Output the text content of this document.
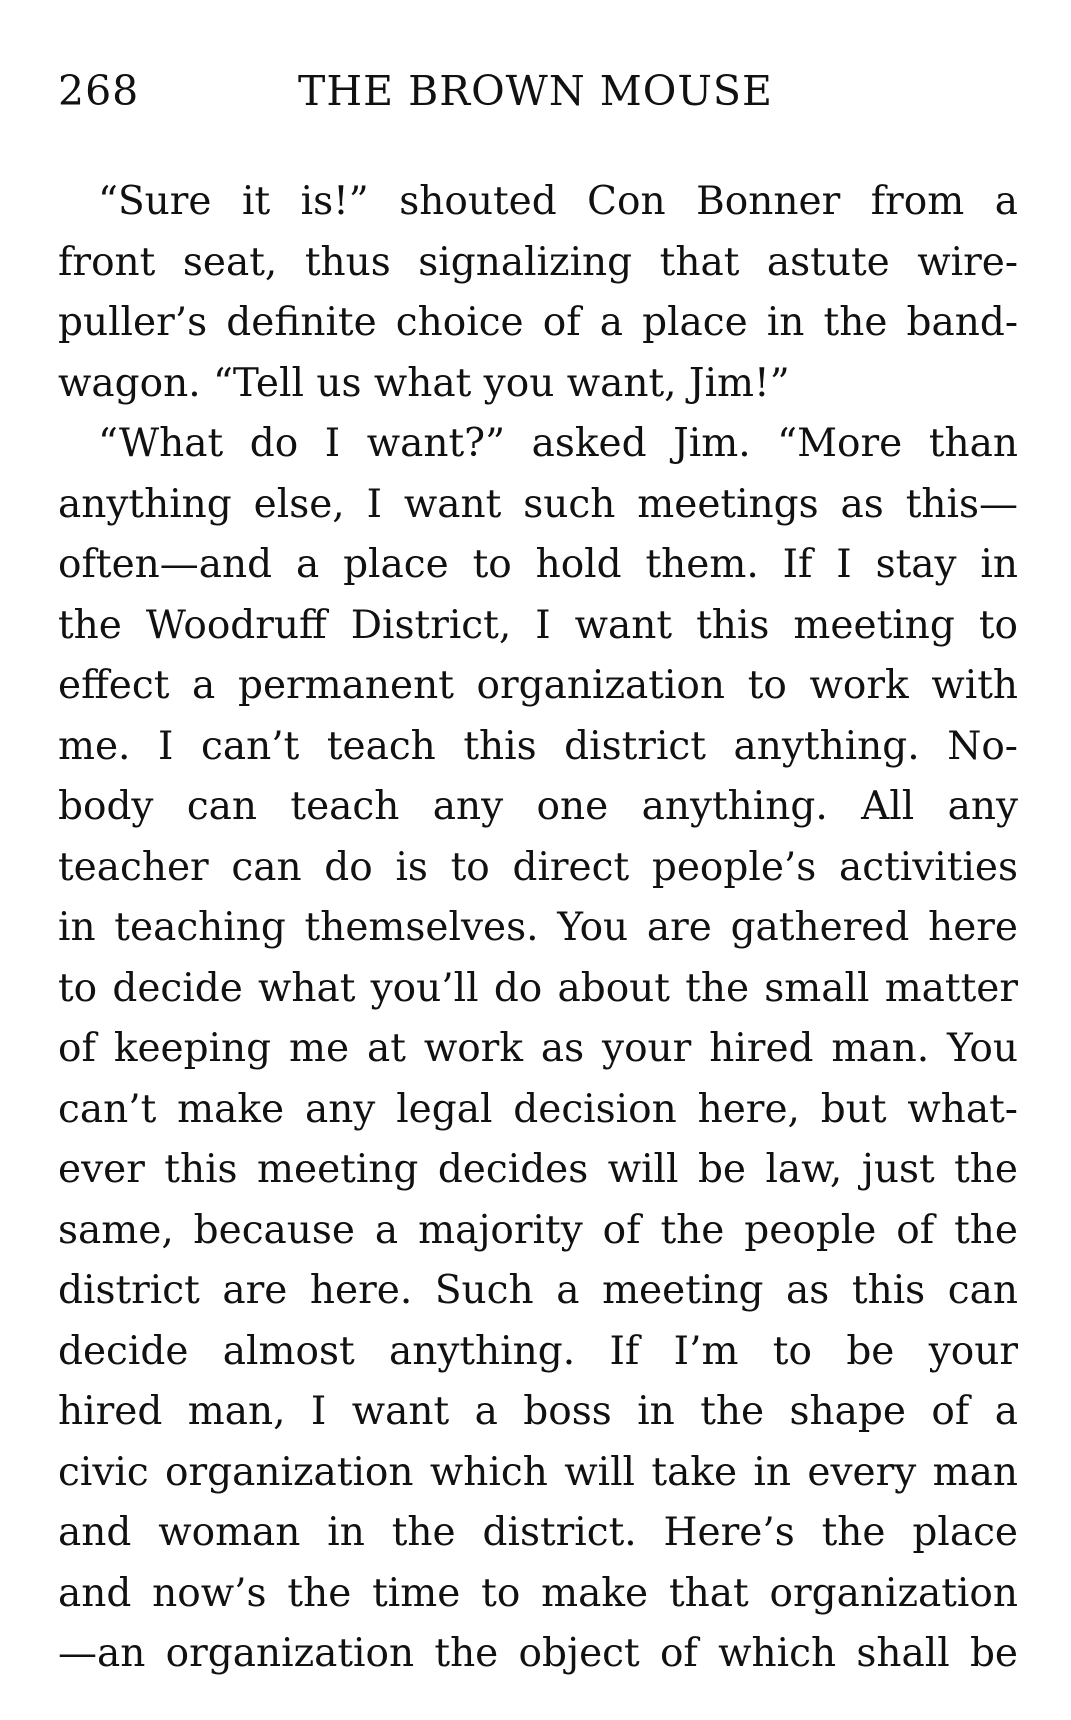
268	THE BROWN MOUSE
“Sure it is!” shouted Con Bonner from a
front seat, thus signalizing that astute wire-
puller’s definite choice of a place in the band-
wagon. “Tell us what you want, Jim!”
“What do I want?” asked Jim. “More than
anything else, I want such meetings as this—
often—and a place to hold them. If I stay in
the Woodruff District, I want this meeting to
effect a permanent organization to work with
me. I can’t teach this district anything. No-
body can teach any one anything. All any
teacher can do is to direct people’s activities
in teaching themselves. You are gathered here
to decide what you’ll do about the small matter
of keeping me at work as your hired man. You
can’t make any legal decision here, but what-
ever this meeting decides will be law, just the
same, because a majority of the people of the
district are here. Such a meeting as this can
decide almost anything. If I’m to be your
hired man, I want a boss in the shape of a
civic organization which will take in every man
and woman in the district. Here’s the place
and now’s the time to make that organization
—an organization the object of which shall be
